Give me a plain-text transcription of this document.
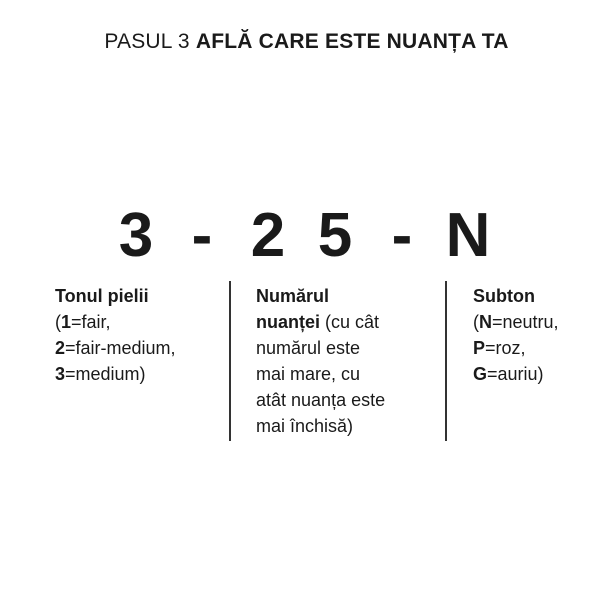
PASUL 3 AFLĂ CARE ESTE NUANȚA TA
3 - 2 5 - N
Tonul pielii
(1=fair,
2=fair-medium,
3=medium)
Numărul
nuanței (cu cât
numărul este
mai mare, cu
atât nuanța este
mai închisă)
Subton
(N=neutru,
P=roz,
G=auriu)
